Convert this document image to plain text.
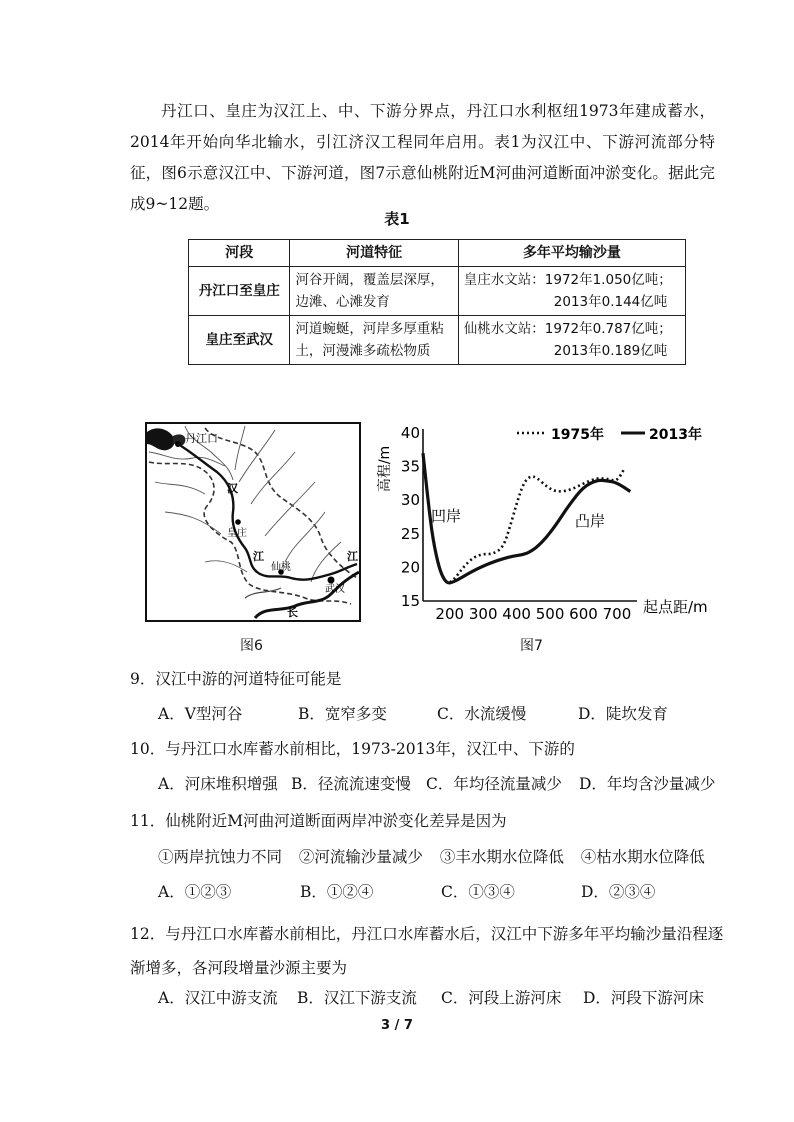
丹江口、皇庄为汉江上、中、下游分界点，丹江口水利枢纽1973年建成蓄水，2014年开始向华北输水，引江济汉工程同年启用。表1为汉江中、下游河流部分特征，图6示意汉江中、下游河道，图7示意仙桃附近M河曲河道断面冲淤变化。据此完成9~12题。

表1
河段	河道特征	多年平均输沙量
丹江口至皇庄	河谷开阔，覆盖层深厚，边滩、心滩发育	皇庄水文站：1972年1.050亿吨；
2013年0.144亿吨

皇庄至武汉	河道蜿蜒，河岸多厚重粘土，河漫滩多疏松物质	仙桃水文站：1972年0.787亿吨；
2013年0.189亿吨
丹江口
汉
皇庄
江
仙桃
武汉
长
江
图6
高程/m
起点距/m
40
35
30
25
20
15
200 300 400 500 600 700
1975年	2013年
凹岸	凸岸
图7

9．汉江中游的河道特征可能是

A．V型河谷	B．宽窄多变	C．水流缓慢	D．陡坎发育

10．与丹江口水库蓄水前相比，1973-2013年，汉江中、下游的

A．河床堆积增强 B．径流流速变慢 C．年均径流量减少 D．年均含沙量减少

11．仙桃附近M河曲河道断面两岸冲淤变化差异是因为

①两岸抗蚀力不同 ②河流输沙量减少 ③丰水期水位降低 ④枯水期水位降低
A．①②③	B．①②④	C．①③④	D．②③④

12．与丹江口水库蓄水前相比，丹江口水库蓄水后，汉江中下游多年平均输沙量沿程逐渐增多，各河段增量沙源主要为

A．汉江中游支流 B．汉江下游支流 C．河段上游河床 D．河段下游河床
3 / 7
